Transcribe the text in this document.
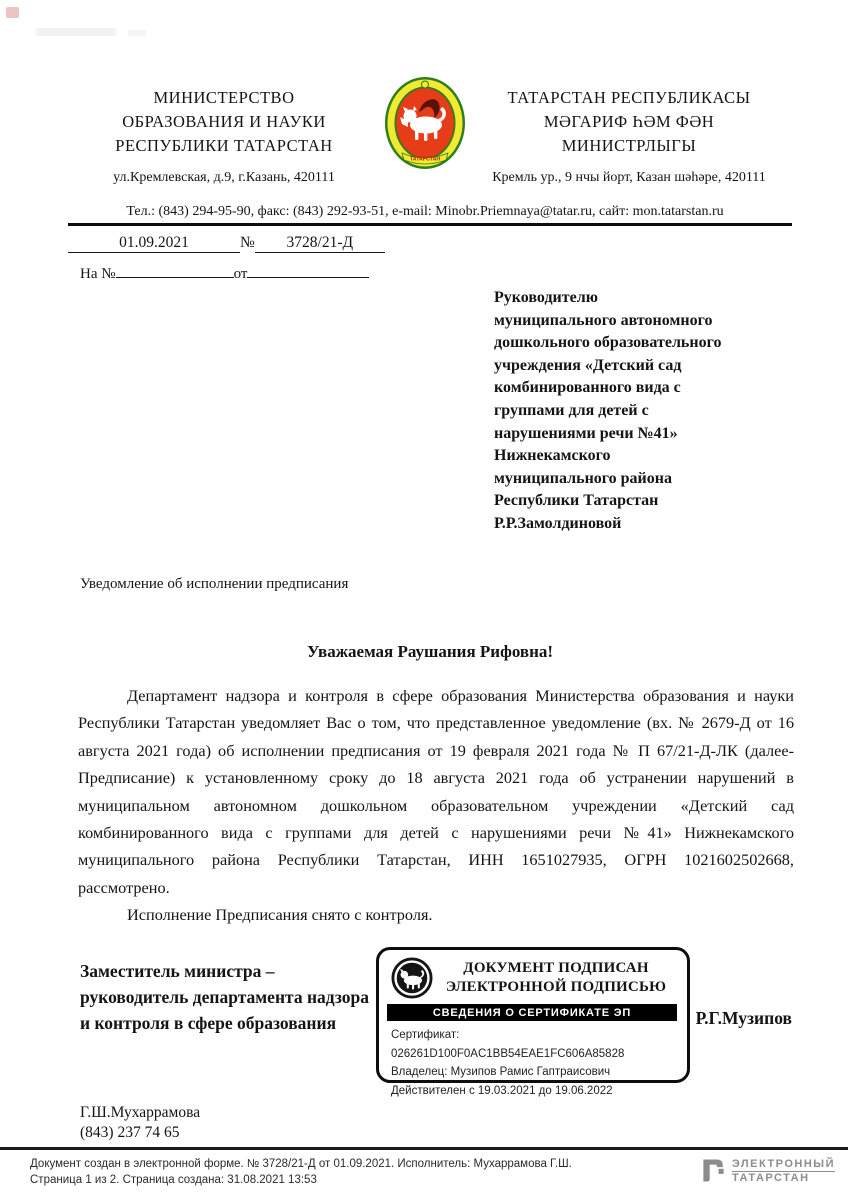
МИНИСТЕРСТВО
ОБРАЗОВАНИЯ И НАУКИ
РЕСПУБЛИКИ ТАТАРСТАН
ул.Кремлевская, д.9, г.Казань, 420111
ТАТАРСТАН
ТАТАРСТАН РЕСПУБЛИКАСЫ
МӘГАРИФ ҺӘМ ФӘН
МИНИСТРЛЫГЫ
Кремль ур., 9 нчы йорт, Казан шәһәре, 420111
Тел.: (843) 294-95-90, факс: (843) 292-93-51, e-mail: Minobr.Priemnaya@tatar.ru, сайт: mon.tatarstan.ru
01.09.2021	№ 3728/21-Д
На №	от
Руководителю
муниципального автономного
дошкольного образовательного
учреждения «Детский сад
комбинированного вида с
группами для детей с
нарушениями речи №41»
Нижнекамского
муниципального района
Республики Татарстан
Р.Р.Замолдиновой
Уведомление об исполнении предписания
Уважаемая Раушания Рифовна!

Департамент надзора и контроля в сфере образования Министерства образования и науки Республики Татарстан уведомляет Вас о том, что представленное уведомление (вх. № 2679-Д от 16 августа 2021 года) об исполнении предписания от 19 февраля 2021 года № П 67/21-Д-ЛК (далее-Предписание) к установленному сроку до 18 августа 2021 года об устранении нарушений в муниципальном автономном дошкольном образовательном учреждении «Детский сад комбинированного вида с группами для детей с нарушениями речи №41» Нижнекамского муниципального района Республики Татарстан, ИНН 1651027935, ОГРН 1021602502668, рассмотрено.

Исполнение Предписания снято с контроля.

Заместитель министра –
руководитель департамента надзора
и контроля в сфере образования	Р.Г.Музипов
ДОКУМЕНТ ПОДПИСАН
ЭЛЕКТРОННОЙ ПОДПИСЬЮ
СВЕДЕНИЯ О СЕРТИФИКАТЕ ЭП
Сертификат: 026261D100F0AC1BB54EAE1FC606A85828
Владелец: Музипов Рамис Гаптраисович
Действителен с 19.03.2021 до 19.06.2022
Г.Ш.Мухаррамова
(843) 237 74 65
Документ создан в электронной форме. № 3728/21-Д от 01.09.2021. Исполнитель: Мухаррамова Г.Ш.
Страница 1 из 2. Страница создана: 31.08.2021 13:53
ЭЛЕКТРОННЫЙ
ТАТАРСТАН
